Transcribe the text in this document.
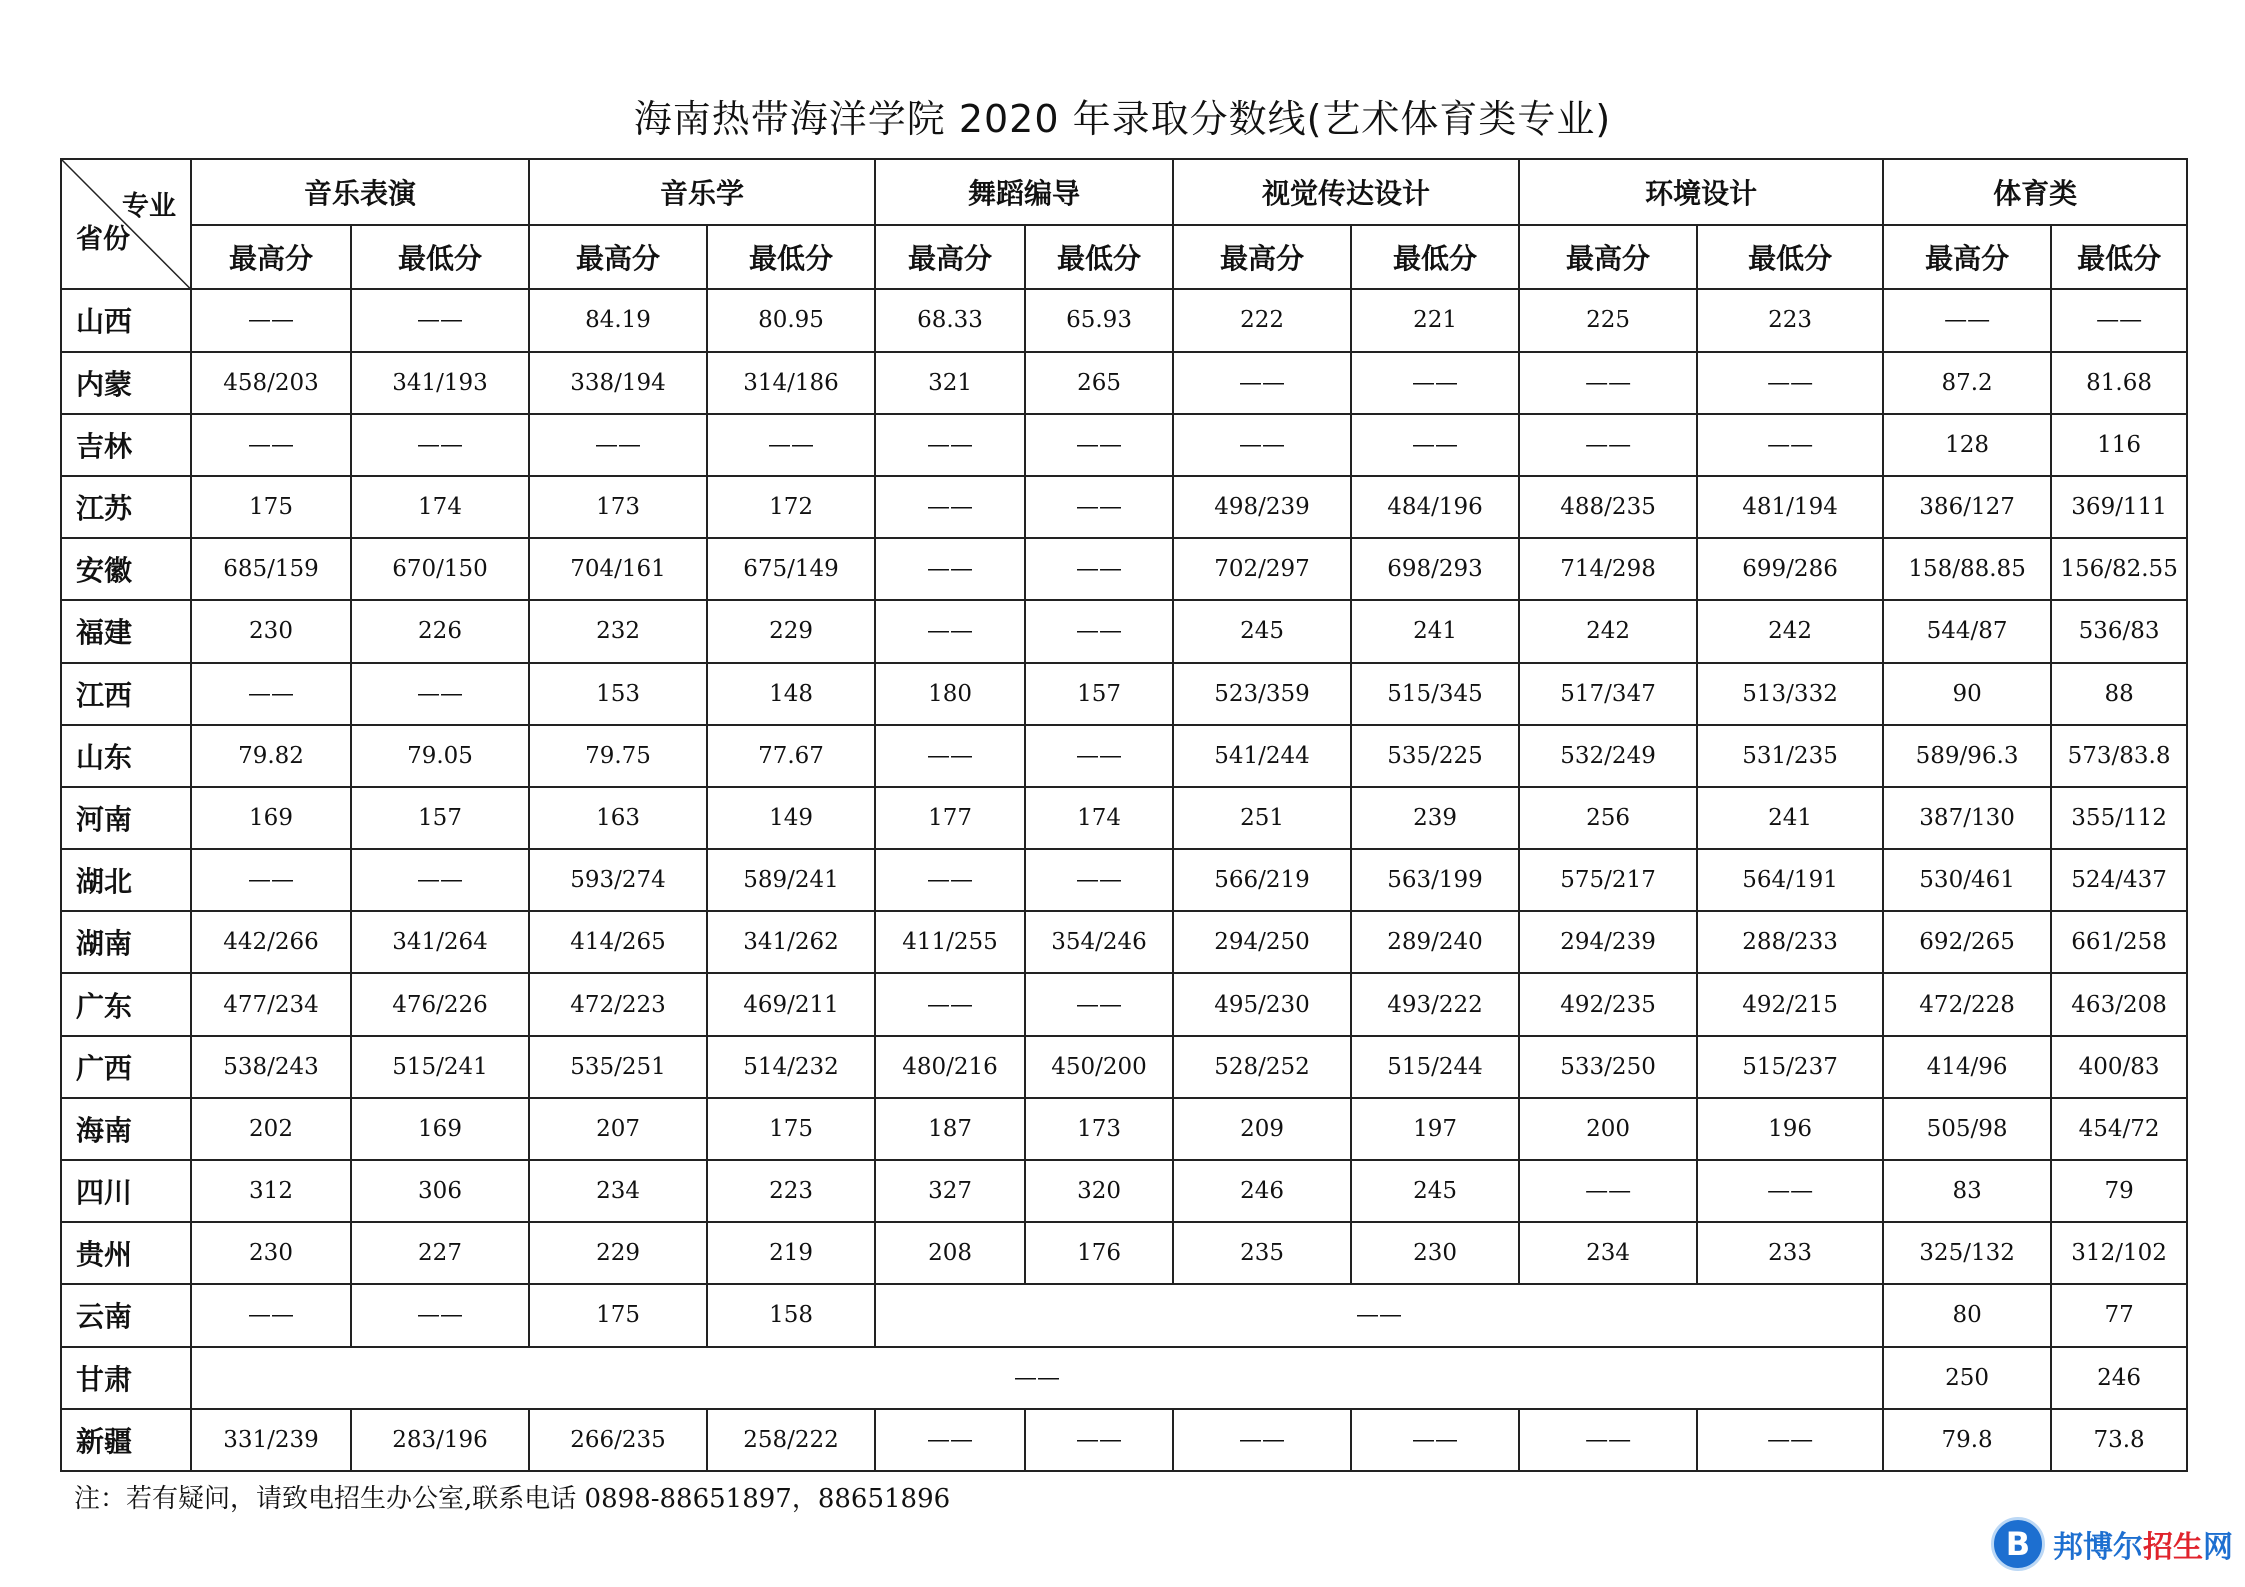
海南热带海洋学院 2020 年录取分数线(艺术体育类专业)
专业
省份	音乐表演		音乐学		舞蹈编导		视觉传达设计		环境设计		体育类	
	最高分	最低分	最高分	最低分	最高分	最低分	最高分	最低分	最高分	最低分	最高分	最低分
山西	——	——	84.19	80.95	68.33	65.93	222	221	225	223	——	——
内蒙	458/203	341/193	338/194	314/186	321	265	——	——	——	——	87.2	81.68
吉林	——	——	——	——	——	——	——	——	——	——	128	116
江苏	175	174	173	172	——	——	498/239	484/196	488/235	481/194	386/127	369/111
安徽	685/159	670/150	704/161	675/149	——	——	702/297	698/293	714/298	699/286	158/88.85	156/82.55
福建	230	226	232	229	——	——	245	241	242	242	544/87	536/83
江西	——	——	153	148	180	157	523/359	515/345	517/347	513/332	90	88
山东	79.82	79.05	79.75	77.67	——	——	541/244	535/225	532/249	531/235	589/96.3	573/83.8
河南	169	157	163	149	177	174	251	239	256	241	387/130	355/112
湖北	——	——	593/274	589/241	——	——	566/219	563/199	575/217	564/191	530/461	524/437
湖南	442/266	341/264	414/265	341/262	411/255	354/246	294/250	289/240	294/239	288/233	692/265	661/258
广东	477/234	476/226	472/223	469/211	——	——	495/230	493/222	492/235	492/215	472/228	463/208
广西	538/243	515/241	535/251	514/232	480/216	450/200	528/252	515/244	533/250	515/237	414/96	400/83
海南	202	169	207	175	187	173	209	197	200	196	505/98	454/72
四川	312	306	234	223	327	320	246	245	——	——	83	79
贵州	230	227	229	219	208	176	235	230	234	233	325/132	312/102
云南	——	——	175	158	——						80	77
甘肃	——										250	246
新疆	331/239	283/196	266/235	258/222	——	——	——	——	——	——	79.8	73.8
注：若有疑问，请致电招生办公室,联系电话 0898-88651897，88651896
B 邦博尔招生网
